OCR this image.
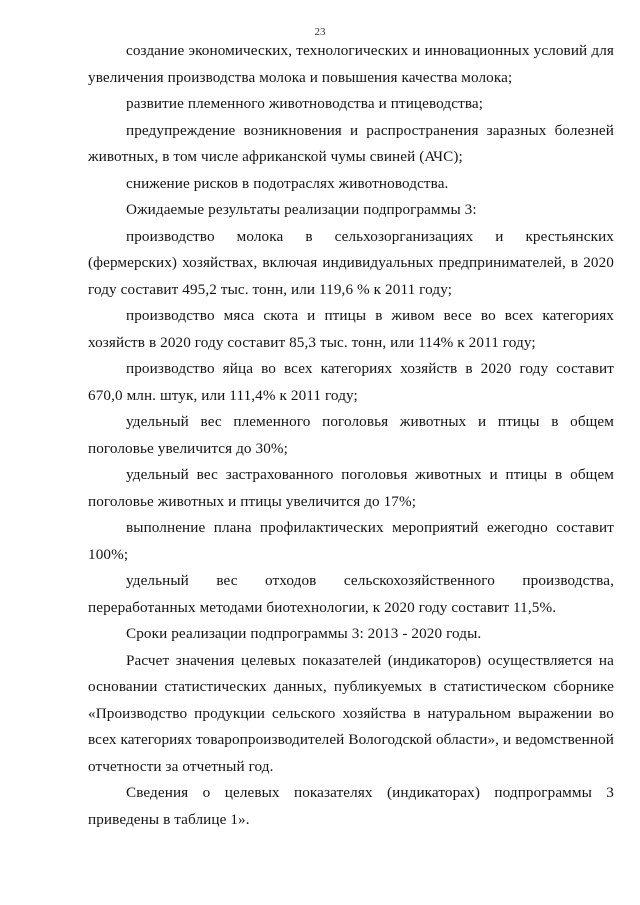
23

создание экономических, технологических и инновационных условий для увеличения производства молока и повышения качества молока;

развитие племенного животноводства и птицеводства;

предупреждение возникновения и распространения заразных болезней животных, в том числе африканской чумы свиней (АЧС);

снижение рисков в подотраслях животноводства.

Ожидаемые результаты реализации подпрограммы 3:

производство молока в сельхозорганизациях и крестьянских (фермерских) хозяйствах, включая индивидуальных предпринимателей, в 2020 году составит 495,2 тыс. тонн, или 119,6 % к 2011 году;

производство мяса скота и птицы в живом весе во всех категориях хозяйств в 2020 году составит 85,3 тыс. тонн, или 114% к 2011 году;

производство яйца во всех категориях хозяйств в 2020 году составит 670,0 млн. штук, или 111,4% к 2011 году;

удельный вес племенного поголовья животных и птицы в общем поголовье увеличится до 30%;

удельный вес застрахованного поголовья животных и птицы в общем поголовье животных и птицы увеличится до 17%;

выполнение плана профилактических мероприятий ежегодно составит 100%;

удельный вес отходов сельскохозяйственного производства, переработанных методами биотехнологии, к 2020 году составит 11,5%.

Сроки реализации подпрограммы 3: 2013 - 2020 годы.

Расчет значения целевых показателей (индикаторов) осуществляется на основании статистических данных, публикуемых в статистическом сборнике «Производство продукции сельского хозяйства в натуральном выражении во всех категориях товаропроизводителей Вологодской области», и ведомственной отчетности за отчетный год.

Сведения о целевых показателях (индикаторах) подпрограммы 3 приведены в таблице 1».
